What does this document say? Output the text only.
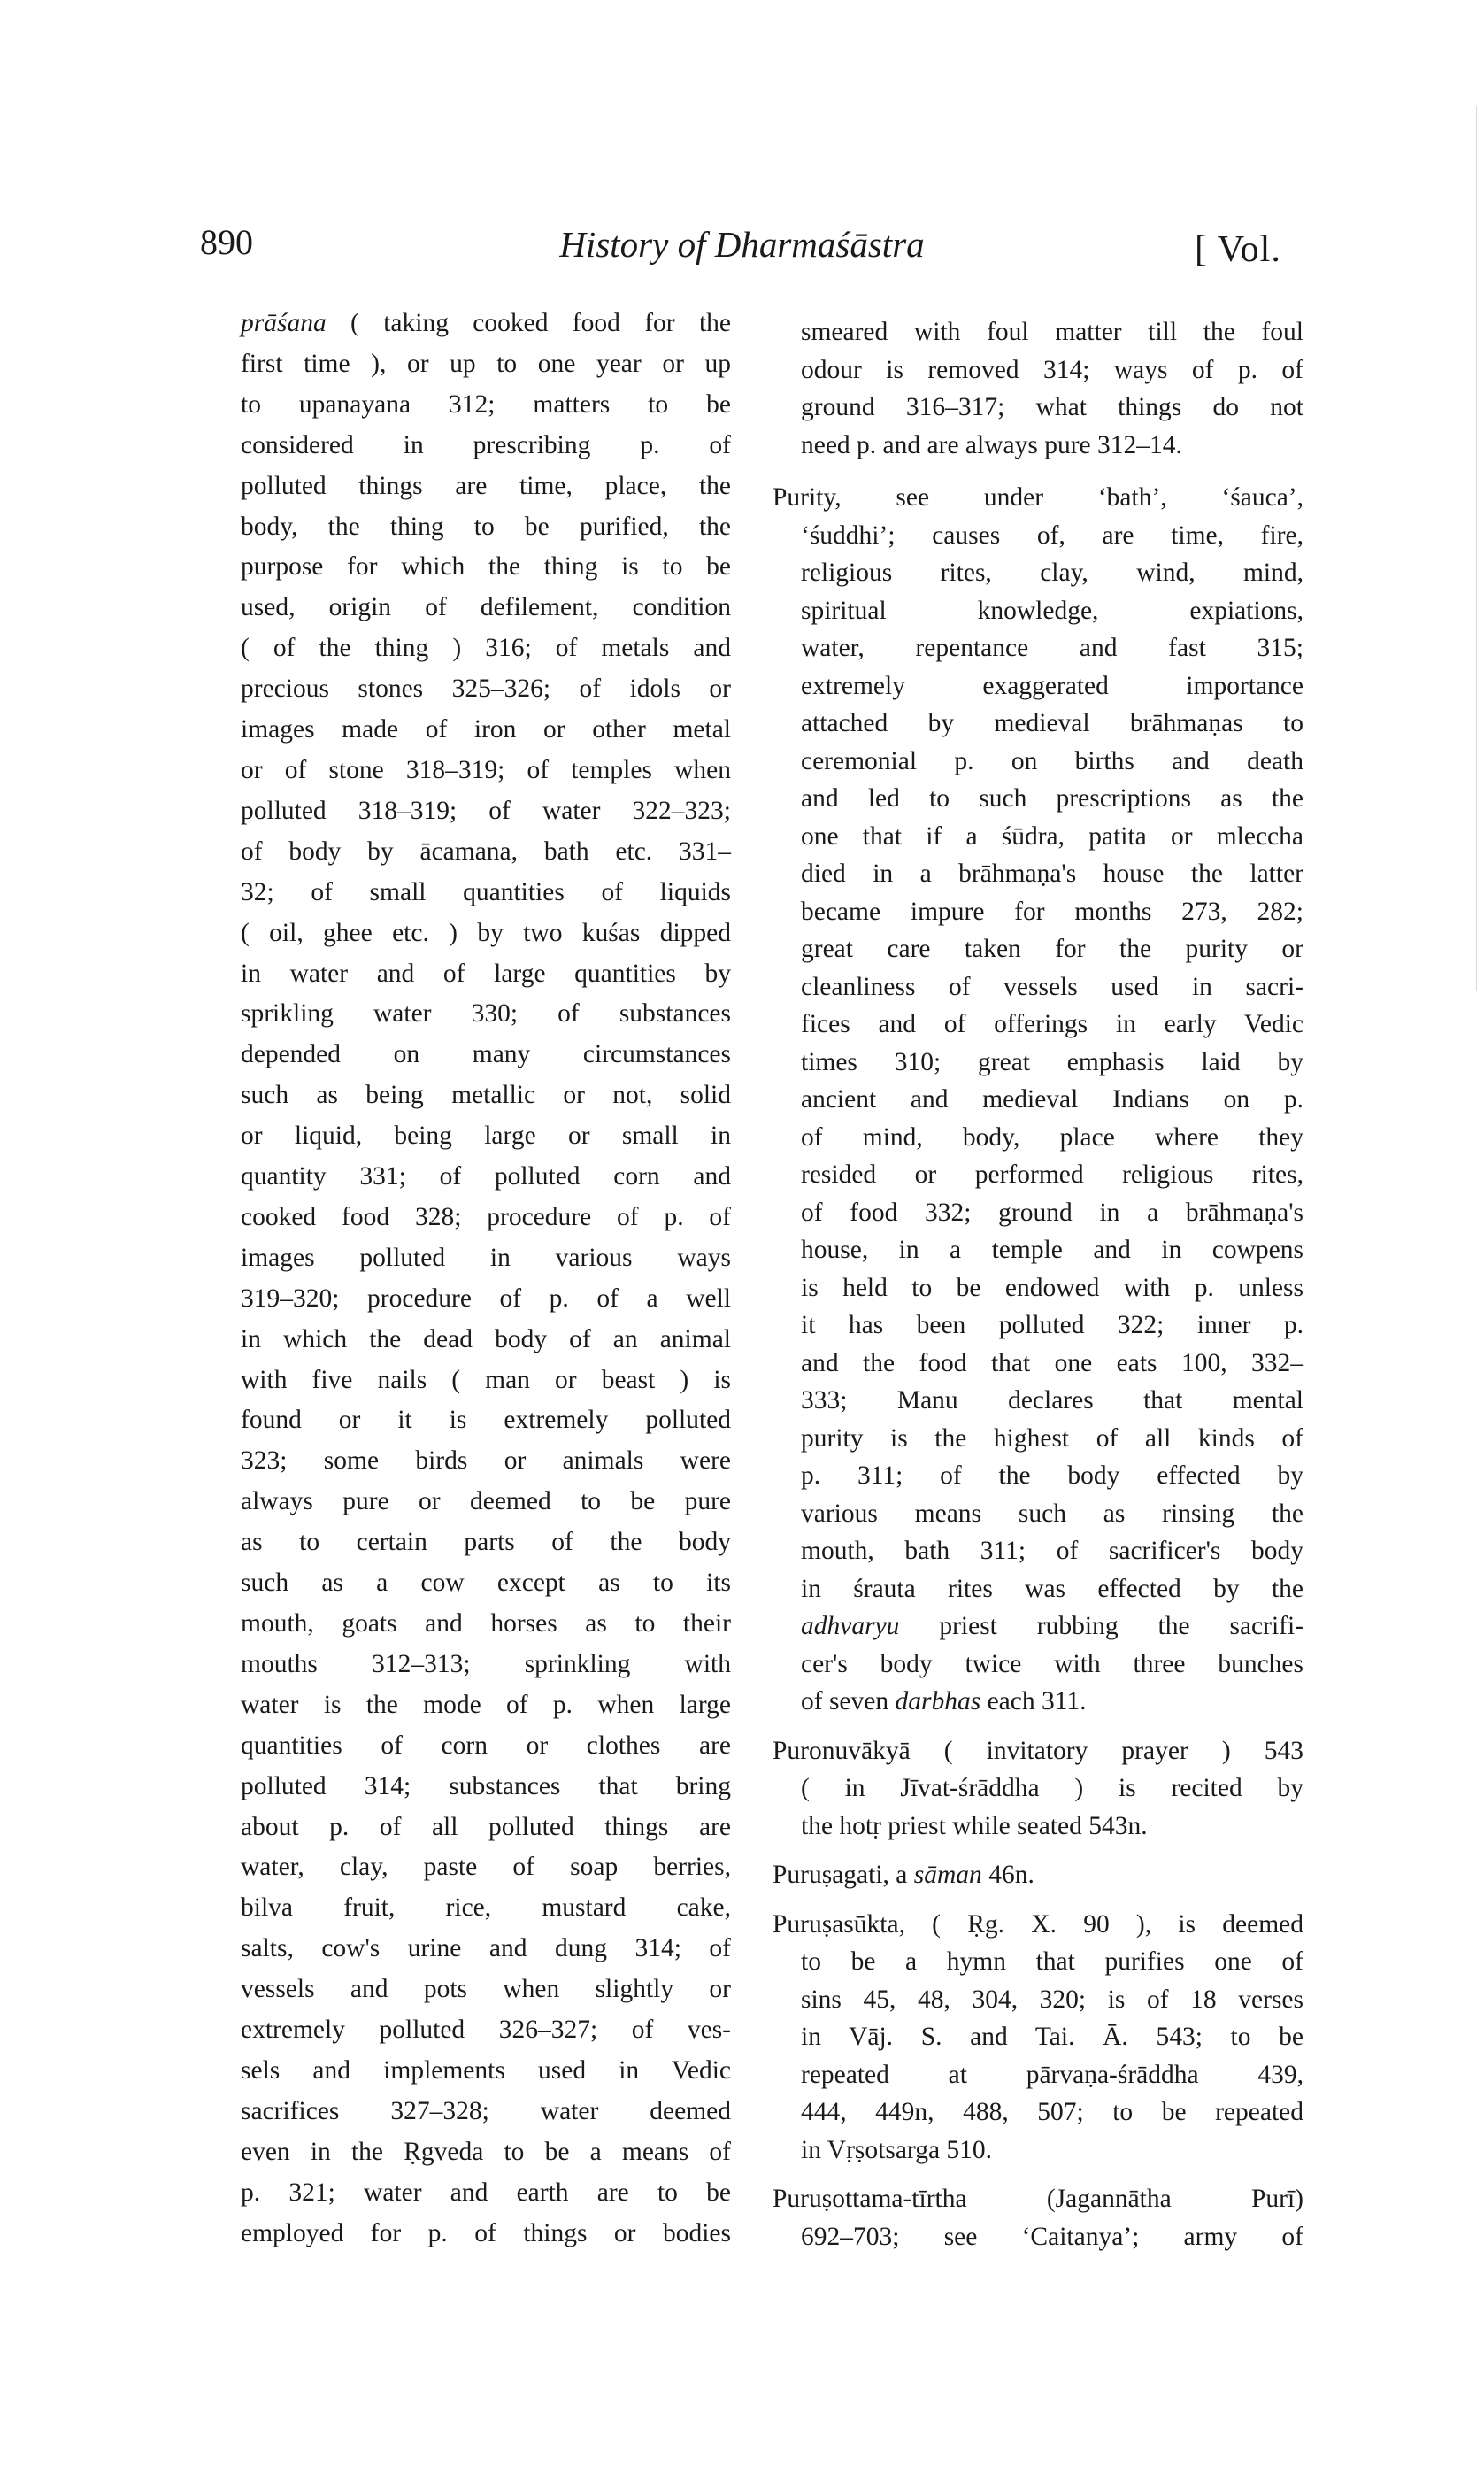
890	History of Dharmaśāstra	[ Vol.
prāśana ( taking cooked food for the
first time ), or up to one year or up
to upanayana 312; matters to be
considered in prescribing p. of
polluted things are time, place, the
body, the thing to be purified, the
purpose for which the thing is to be
used, origin of defilement, condition
( of the thing ) 316; of metals and
precious stones 325–326; of idols or
images made of iron or other metal
or of stone 318–319; of temples when
polluted 318–319; of water 322–323;
of body by ācamana, bath etc. 331–
32; of small quantities of liquids
( oil, ghee etc. ) by two kuśas dipped
in water and of large quantities by
sprikling water 330; of substances
depended on many circumstances
such as being metallic or not, solid
or liquid, being large or small in
quantity 331; of polluted corn and
cooked food 328; procedure of p. of
images polluted in various ways
319–320; procedure of p. of a well
in which the dead body of an animal
with five nails ( man or beast ) is
found or it is extremely polluted
323; some birds or animals were
always pure or deemed to be pure
as to certain parts of the body
such as a cow except as to its
mouth, goats and horses as to their
mouths 312–313; sprinkling with
water is the mode of p. when large
quantities of corn or clothes are
polluted 314; substances that bring
about p. of all polluted things are
water, clay, paste of soap berries,
bilva fruit, rice, mustard cake,
salts, cow's urine and dung 314; of
vessels and pots when slightly or
extremely polluted 326–327; of ves-
sels and implements used in Vedic
sacrifices 327–328; water deemed
even in the Ṛgveda to be a means of
p. 321; water and earth are to be
employed for p. of things or bodies
smeared with foul matter till the foul
odour is removed 314; ways of p. of
ground 316–317; what things do not
need p. and are always pure 312–14.
Purity, see under ‘bath’, ‘śauca’,
‘śuddhi’; causes of, are time, fire,
religious rites, clay, wind, mind,
spiritual knowledge, expiations,
water, repentance and fast 315;
extremely exaggerated importance
attached by medieval brāhmaṇas to
ceremonial p. on births and death
and led to such prescriptions as the
one that if a śūdra, patita or mleccha
died in a brāhmaṇa's house the latter
became impure for months 273, 282;
great care taken for the purity or
cleanliness of vessels used in sacri-
fices and of offerings in early Vedic
times 310; great emphasis laid by
ancient and medieval Indians on p.
of mind, body, place where they
resided or performed religious rites,
of food 332; ground in a brāhmaṇa's
house, in a temple and in cowpens
is held to be endowed with p. unless
it has been polluted 322; inner p.
and the food that one eats 100, 332–
333; Manu declares that mental
purity is the highest of all kinds of
p. 311; of the body effected by
various means such as rinsing the
mouth, bath 311; of sacrificer's body
in śrauta rites was effected by the
adhvaryu priest rubbing the sacrifi-
cer's body twice with three bunches
of seven darbhas each 311.
Puronuvākyā ( invitatory prayer ) 543
( in Jīvat-śrāddha ) is recited by
the hotṛ priest while seated 543n.
Puruṣagati, a sāman 46n.
Puruṣasūkta, ( Ṛg. X. 90 ), is deemed
to be a hymn that purifies one of
sins 45, 48, 304, 320; is of 18 verses
in Vāj. S. and Tai. Ā. 543; to be
repeated at pārvaṇa-śrāddha 439,
444, 449n, 488, 507; to be repeated
in Vṛṣotsarga 510.
Puruṣottama-tīrtha (Jagannātha Purī)
692–703; see ‘Caitanya’; army of
